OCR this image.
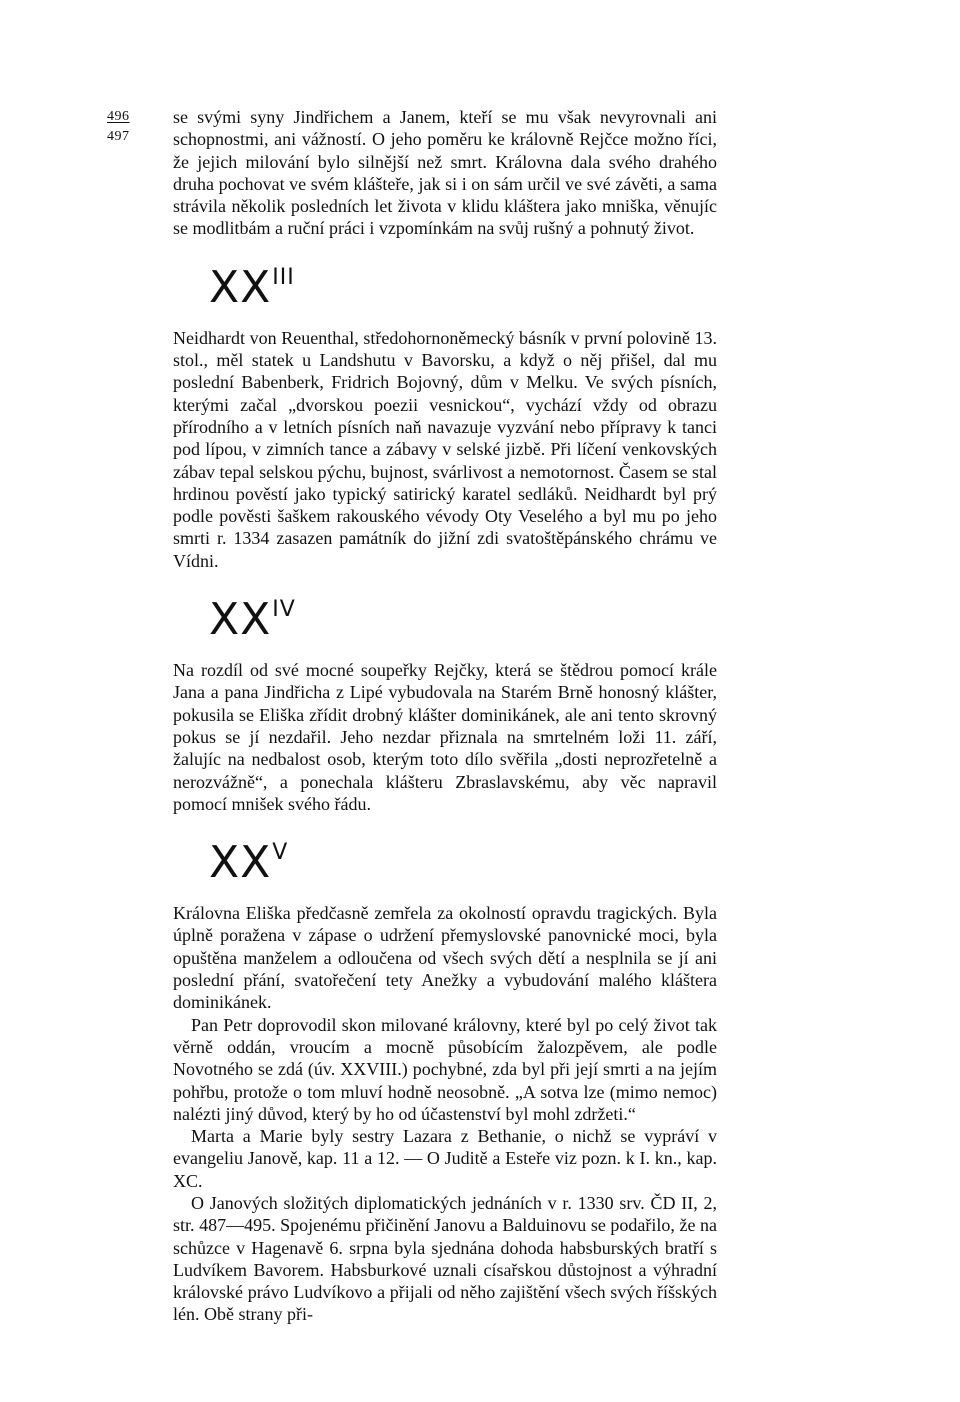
496
497

se svými syny Jindřichem a Janem, kteří se mu však nevyrovnali ani schopnostmi, ani vážností. O jeho poměru ke královně Rejčce možno říci, že jejich milování bylo silnější než smrt. Královna dala svého drahého druha pochovat ve svém klášteře, jak si i on sám určil ve své závěti, a sama strávila několik posledních let života v klidu kláštera jako mniška, věnujíc se modlitbám a ruční práci i vzpomínkám na svůj rušný a pohnutý život.

$XX^{III}$

Neidhardt von Reuenthal, středohornoněmecký básník v první polovině 13. stol., měl statek u Landshutu v Bavorsku, a když o něj přišel, dal mu poslední Babenberk, Fridrich Bojovný, dům v Melku. Ve svých písních, kterými začal „dvorskou poezii vesnickou“, vychází vždy od obrazu přírodního a v letních písních naň navazuje vyzvání nebo přípravy k tanci pod lípou, v zimních tance a zábavy v selské jizbě. Při líčení venkovských zábav tepal selskou pýchu, bujnost, svárlivost a nemotornost. Časem se stal hrdinou pověstí jako typický satirický karatel sedláků. Neidhardt byl prý podle pověsti šaškem rakouského vévody Oty Veselého a byl mu po jeho smrti r. 1334 zasazen památník do jižní zdi svatoštěpánského chrámu ve Vídni.

$XX^{IV}$

Na rozdíl od své mocné soupeřky Rejčky, která se štědrou pomocí krále Jana a pana Jindřicha z Lipé vybudovala na Starém Brně honosný klášter, pokusila se Eliška zřídit drobný klášter dominikánek, ale ani tento skrovný pokus se jí nezdařil. Jeho nezdar přiznala na smrtelném loži 11. září, žalujíc na nedbalost osob, kterým toto dílo svěřila „dosti neprozřetelně a nerozvážně“, a ponechala klášteru Zbraslavskému, aby věc napravil pomocí mnišek svého řádu.

$XX^V$

Královna Eliška předčasně zemřela za okolností opravdu tragických. Byla úplně poražena v zápase o udržení přemyslovské panovnické moci, byla opuštěna manželem a odloučena od všech svých dětí a nesplnila se jí ani poslední přání, svatořečení tety Anežky a vybudování malého kláštera dominikánek.

Pan Petr doprovodil skon milované královny, které byl po celý život tak věrně oddán, vroucím a mocně působícím žalozpěvem, ale podle Novotného se zdá (úv. XXVIII.) pochybné, zda byl při její smrti a na jejím pohřbu, protože o tom mluví hodně neosobně. „A sotva lze (mimo nemoc) nalézti jiný důvod, který by ho od účastenství byl mohl zdržeti.“

Marta a Marie byly sestry Lazara z Bethanie, o nichž se vypráví v evangeliu Janově, kap. 11 a 12. — O Juditě a Esteře viz pozn. k I. kn., kap. XC.

O Janových složitých diplomatických jednáních v r. 1330 srv. ČD II, 2, str. 487—495. Spojenému přičinění Janovu a Balduinovu se podařilo, že na schůzce v Hagenavě 6. srpna byla sjednána dohoda habsburských bratří s Ludvíkem Bavorem. Habsburkové uznali císařskou důstojnost a výhradní královské právo Ludvíkovo a přijali od něho zajištění všech svých říšských lén. Obě strany při-
